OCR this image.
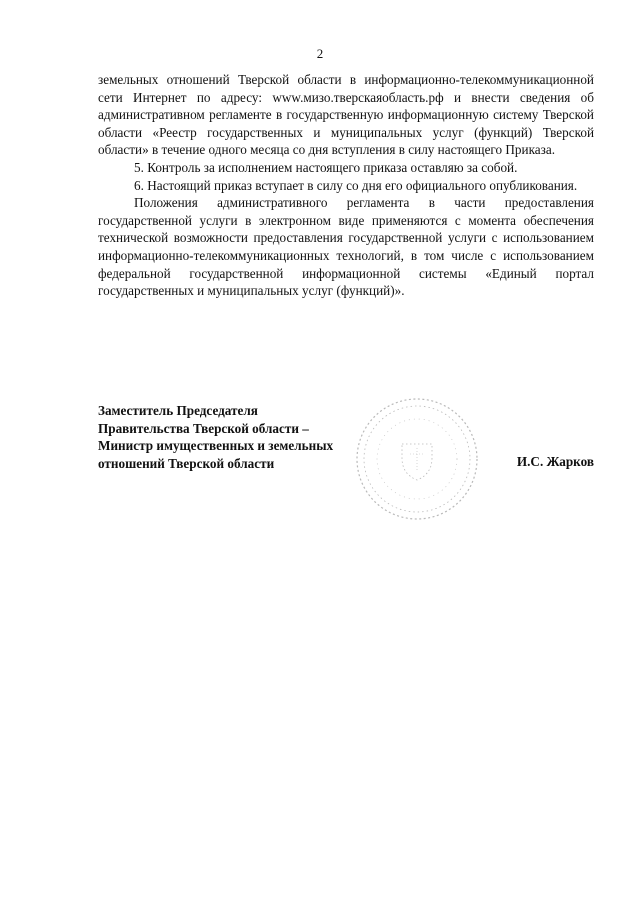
2

земельных отношений Тверской области в информационно-телекоммуникационной сети Интернет по адресу: www.мизо.тверскаяобласть.рф и внести сведения об административном регламенте в государственную информационную систему Тверской области «Реестр государственных и муниципальных услуг (функций) Тверской области» в течение одного месяца со дня вступления в силу настоящего Приказа.

5. Контроль за исполнением настоящего приказа оставляю за собой.

6. Настоящий приказ вступает в силу со дня его официального опубликования.

Положения административного регламента в части предоставления государственной услуги в электронном виде применяются с момента обеспечения технической возможности предоставления государственной услуги с использованием информационно-телекоммуникационных технологий, в том числе с использованием федеральной государственной информационной системы «Единый портал государственных и муниципальных услуг (функций)».

Заместитель Председателя
Правительства Тверской области –
Министр имущественных и земельных
отношений Тверской области	И.С. Жарков
